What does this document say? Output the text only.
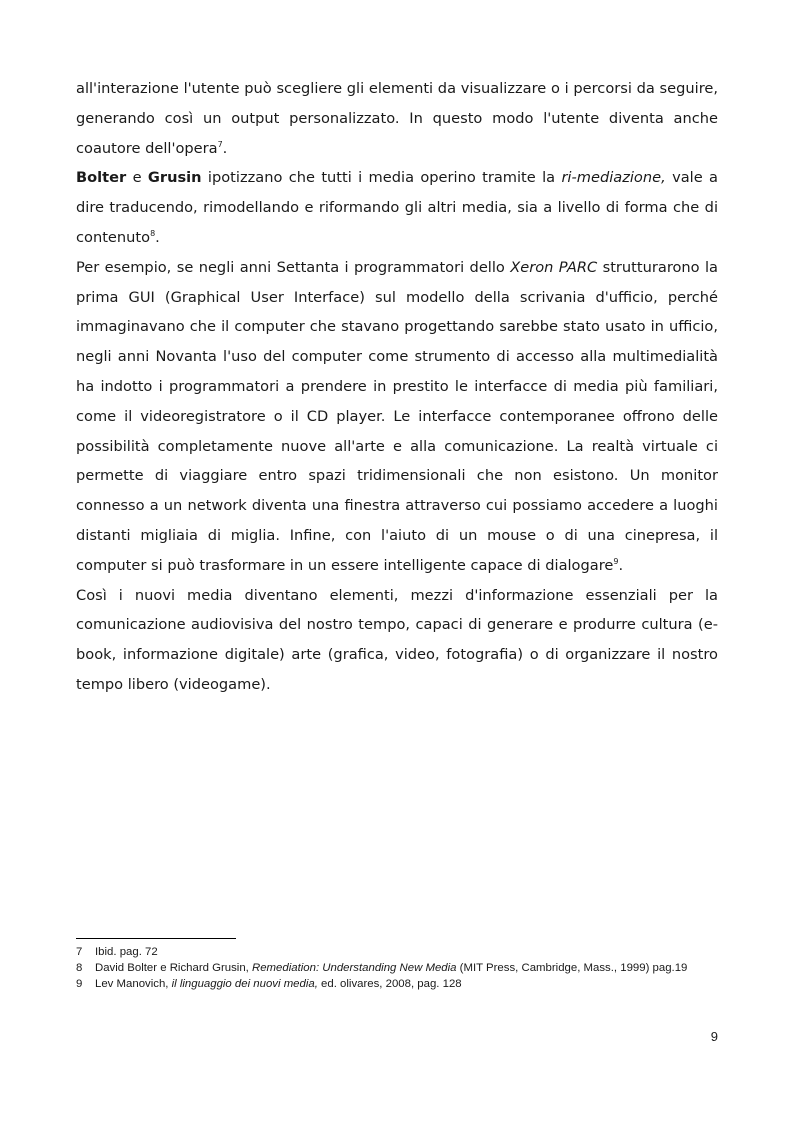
all'interazione l'utente può scegliere gli elementi da visualizzare o i percorsi da seguire, generando così un output personalizzato. In questo modo l'utente diventa anche coautore dell'opera$^7$.

Bolter e Grusin ipotizzano che tutti i media operino tramite la ri-mediazione, vale a dire traducendo, rimodellando e riformando gli altri media, sia a livello di forma che di contenuto$^8$.

Per esempio, se negli anni Settanta i programmatori dello Xeron PARC strutturarono la prima GUI (Graphical User Interface) sul modello della scrivania d'ufficio, perché immaginavano che il computer che stavano progettando sarebbe stato usato in ufficio, negli anni Novanta l'uso del computer come strumento di accesso alla multimedialità ha indotto i programmatori a prendere in prestito le interfacce di media più familiari, come il videoregistratore o il CD player. Le interfacce contemporanee offrono delle possibilità completamente nuove all'arte e alla comunicazione. La realtà virtuale ci permette di viaggiare entro spazi tridimensionali che non esistono. Un monitor connesso a un network diventa una finestra attraverso cui possiamo accedere a luoghi distanti migliaia di miglia. Infine, con l'aiuto di un mouse o di una cinepresa, il computer si può trasformare in un essere intelligente capace di dialogare$^9$.

Così i nuovi media diventano elementi, mezzi d'informazione essenziali per la comunicazione audiovisiva del nostro tempo, capaci di generare e produrre cultura (e-book, informazione digitale) arte (grafica, video, fotografia) o di organizzare il nostro tempo libero (videogame).

7 Ibid. pag. 72
8 David Bolter e Richard Grusin, Remediation: Understanding New Media (MIT Press, Cambridge, Mass., 1999) pag.19
9 Lev Manovich, il linguaggio dei nuovi media, ed. olivares, 2008, pag. 128
9
